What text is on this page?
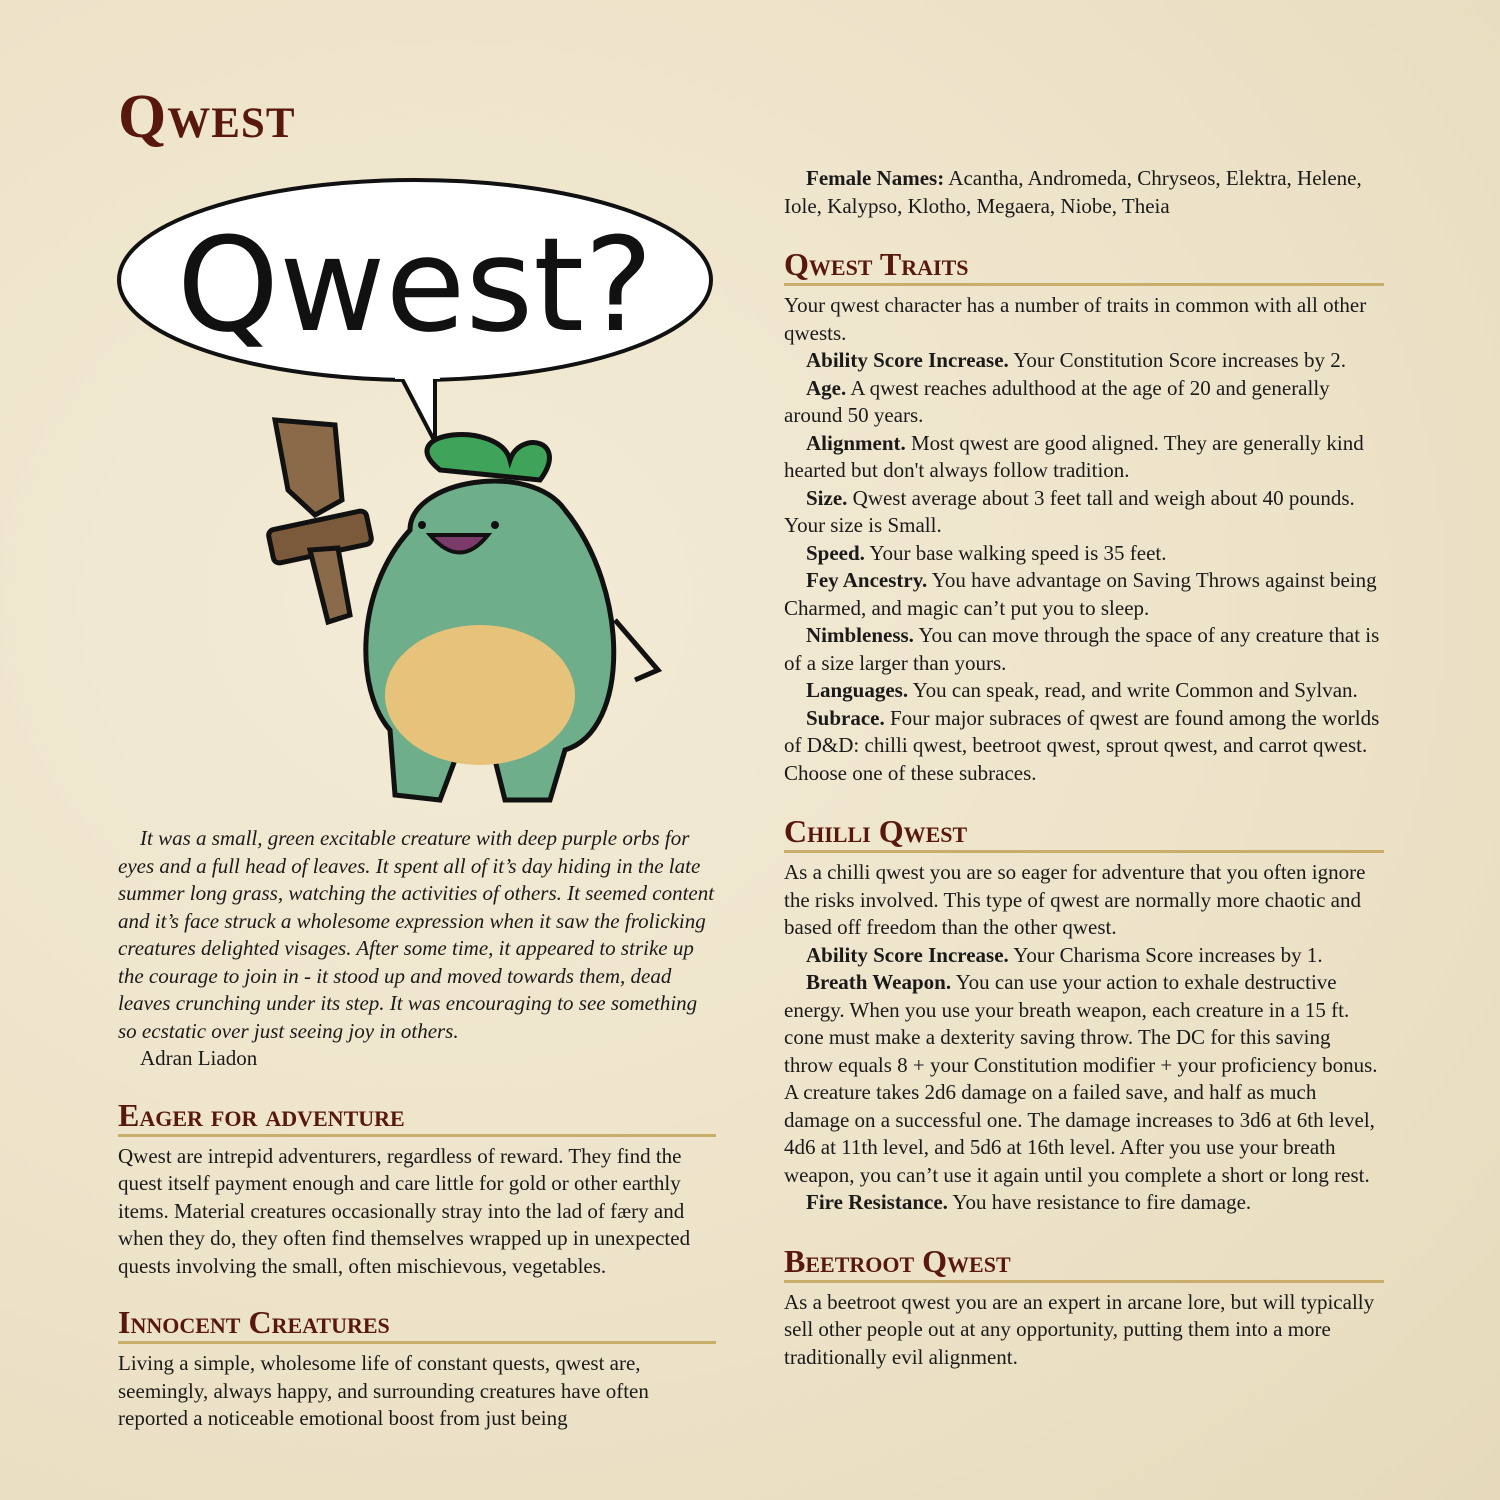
Qwest
Qwest?

It was a small, green excitable creature with deep purple orbs for eyes and a full head of leaves. It spent all of it’s day hiding in the late summer long grass, watching the activities of others. It seemed content and it’s face struck a wholesome expression when it saw the frolicking creatures delighted visages. After some time, it appeared to strike up the courage to join in - it stood up and moved towards them, dead leaves crunching under its step. It was encouraging to see something so ecstatic over just seeing joy in others.

Adran Liadon

Eager for adventure

Qwest are intrepid adventurers, regardless of reward. They find the quest itself payment enough and care little for gold or other earthly items. Material creatures occasionally stray into the lad of færy and when they do, they often find themselves wrapped up in unexpected quests involving the small, often mischievous, vegetables.

Innocent Creatures

Living a simple, wholesome life of constant quests, qwest are, seemingly, always happy, and surrounding creatures have often reported a noticeable emotional boost from just being

Female Names: Acantha, Andromeda, Chryseos, Elektra, Helene, Iole, Kalypso, Klotho, Megaera, Niobe, Theia

Qwest Traits

Your qwest character has a number of traits in common with all other qwests.

Ability Score Increase. Your Constitution Score increases by 2.

Age. A qwest reaches adulthood at the age of 20 and generally around 50 years.

Alignment. Most qwest are good aligned. They are generally kind hearted but don't always follow tradition.

Size. Qwest average about 3 feet tall and weigh about 40 pounds. Your size is Small.

Speed. Your base walking speed is 35 feet.

Fey Ancestry. You have advantage on Saving Throws against being Charmed, and magic can’t put you to sleep.

Nimbleness. You can move through the space of any creature that is of a size larger than yours.

Languages. You can speak, read, and write Common and Sylvan.

Subrace. Four major subraces of qwest are found among the worlds of D&D: chilli qwest, beetroot qwest, sprout qwest, and carrot qwest. Choose one of these subraces.

Chilli Qwest

As a chilli qwest you are so eager for adventure that you often ignore the risks involved. This type of qwest are normally more chaotic and based off freedom than the other qwest.

Ability Score Increase. Your Charisma Score increases by 1.

Breath Weapon. You can use your action to exhale destructive energy. When you use your breath weapon, each creature in a 15 ft. cone must make a dexterity saving throw. The DC for this saving throw equals 8 + your Constitution modifier + your proficiency bonus. A creature takes 2d6 damage on a failed save, and half as much damage on a successful one. The damage increases to 3d6 at 6th level, 4d6 at 11th level, and 5d6 at 16th level. After you use your breath weapon, you can’t use it again until you complete a short or long rest.

Fire Resistance. You have resistance to fire damage.

Beetroot Qwest

As a beetroot qwest you are an expert in arcane lore, but will typically sell other people out at any opportunity, putting them into a more traditionally evil alignment.
